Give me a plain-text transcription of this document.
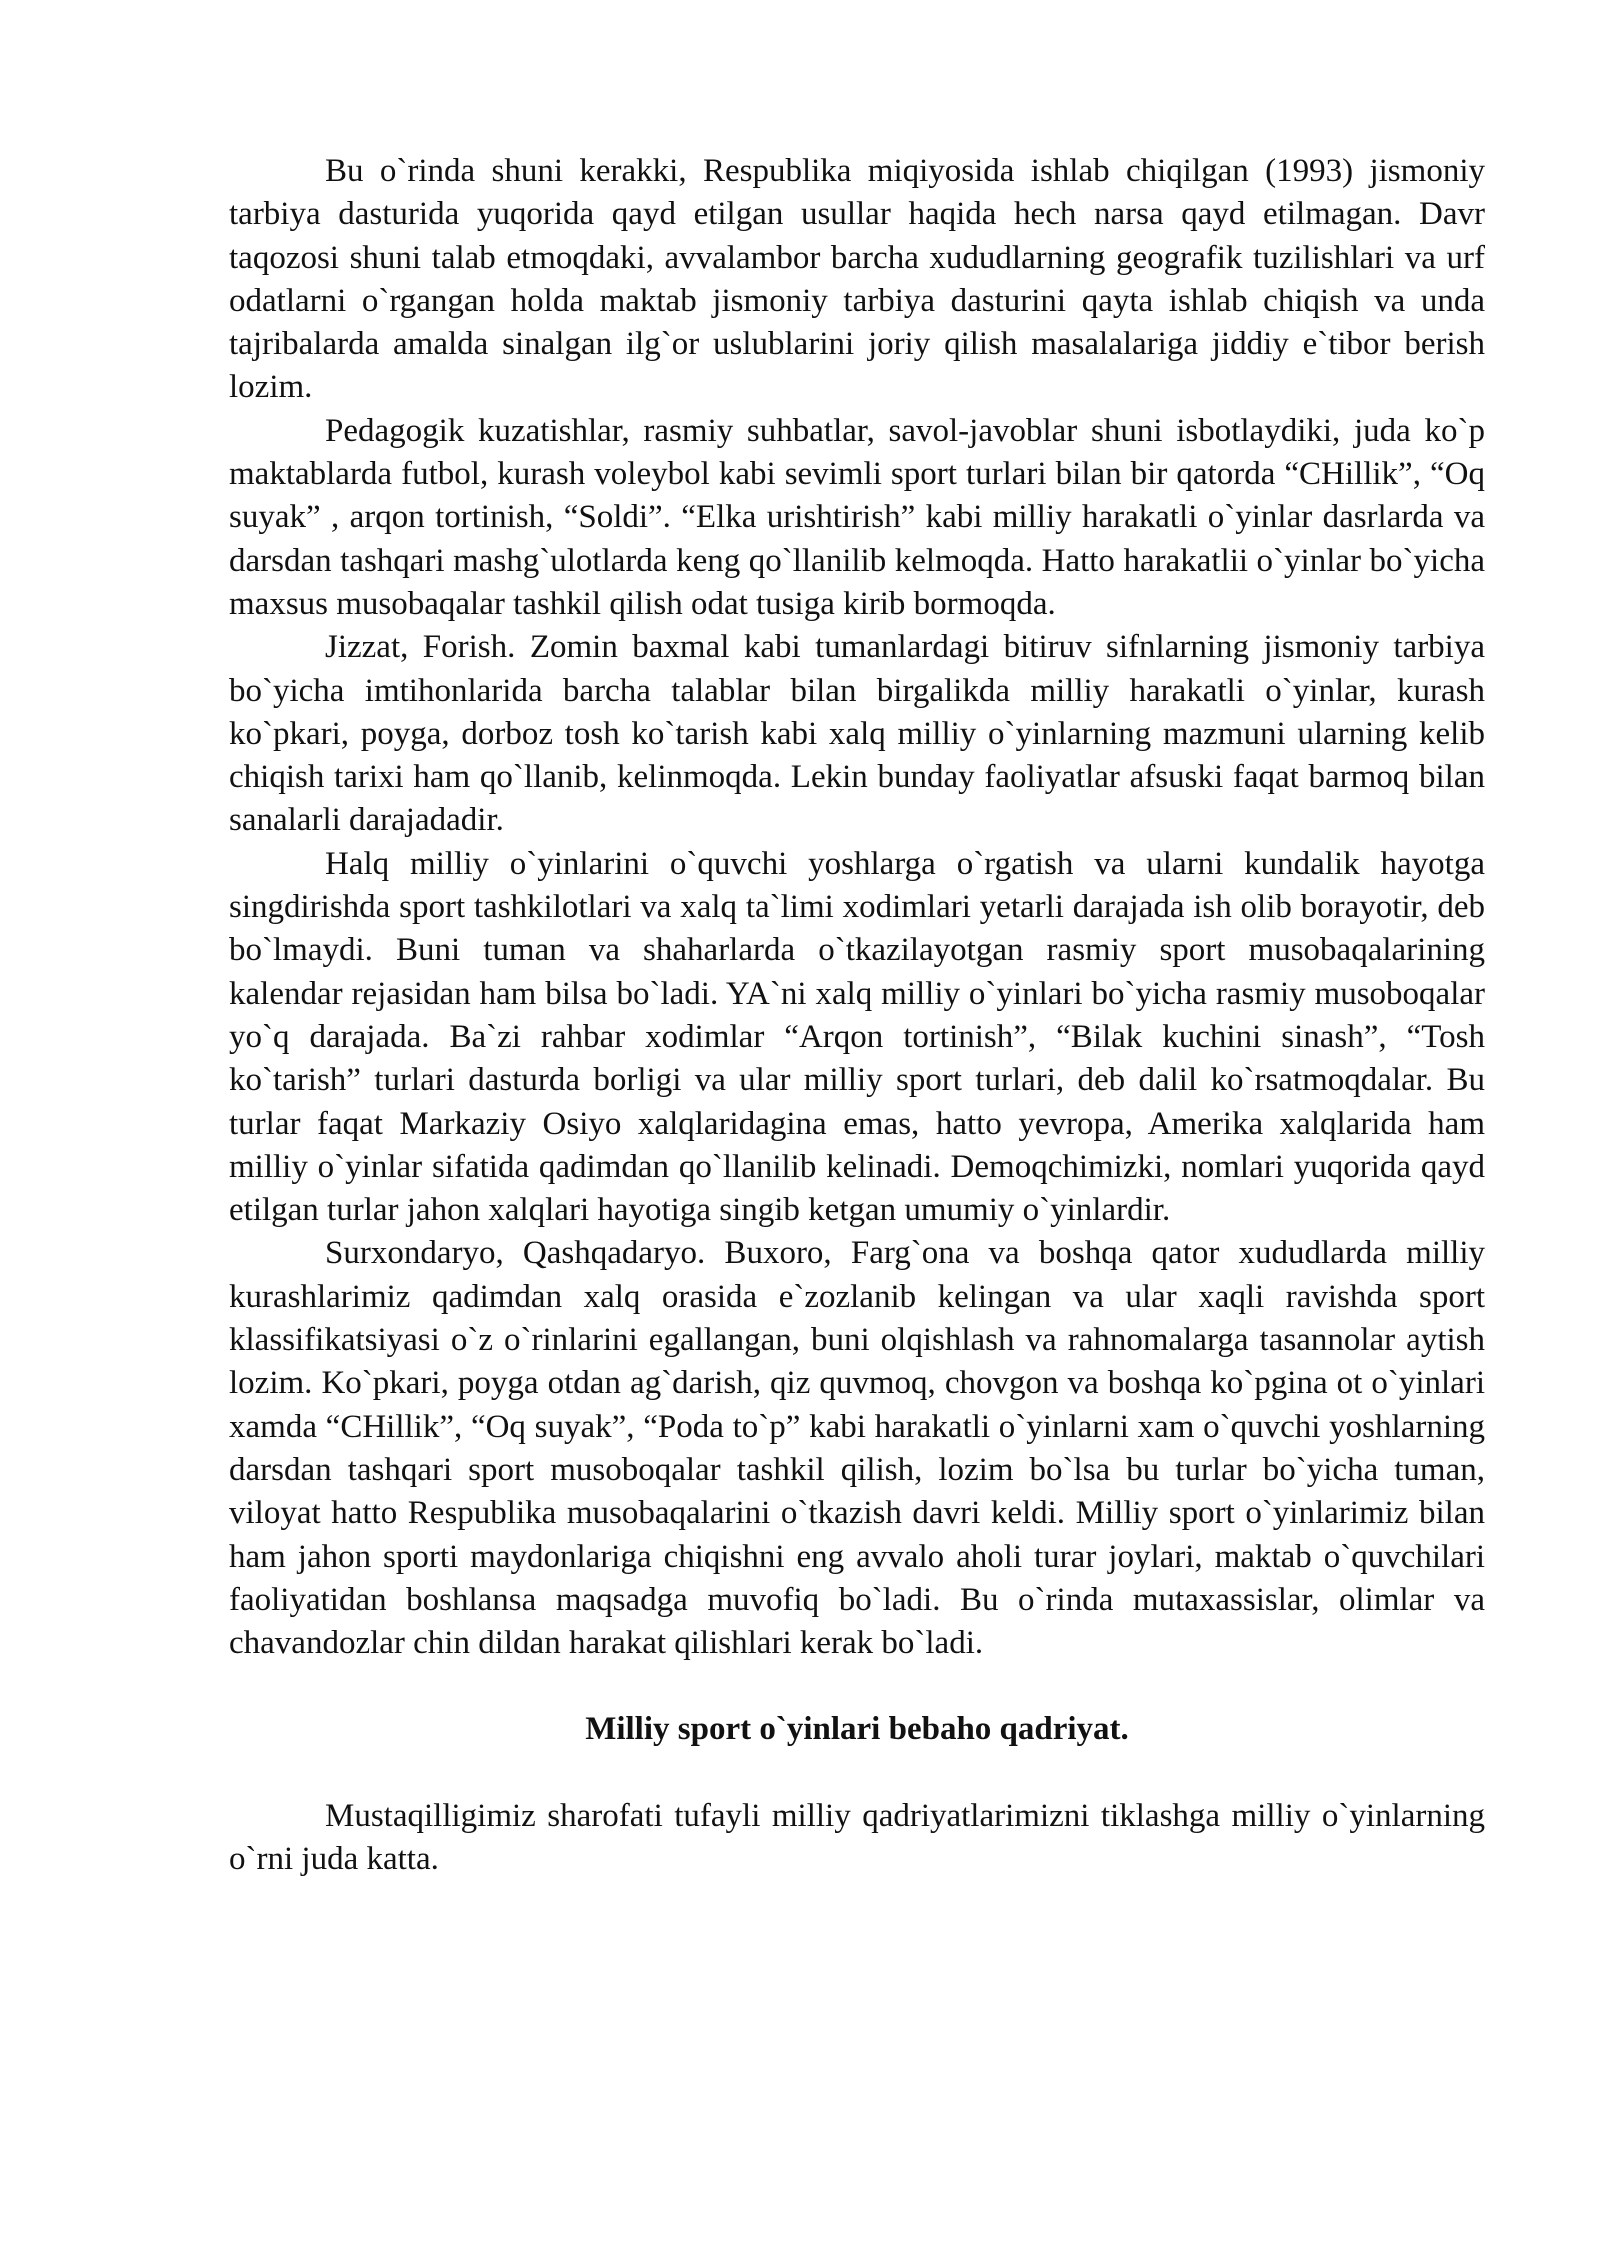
Bu o`rinda shuni kerakki, Respublika miqiyosida ishlab chiqilgan (1993) jismoniy tarbiya dasturida yuqorida qayd etilgan usullar haqida hech narsa qayd etilmagan. Davr taqozosi shuni talab etmoqdaki, avvalambor barcha xududlarning geografik tuzilishlari va urf odatlarni o`rgangan holda maktab jismoniy tarbiya dasturini qayta ishlab chiqish va unda tajribalarda amalda sinalgan ilg`or uslublarini joriy qilish masalalariga jiddiy e`tibor berish lozim.

Pedagogik kuzatishlar, rasmiy suhbatlar, savol-javoblar shuni isbotlaydiki, juda ko`p maktablarda futbol, kurash voleybol kabi sevimli sport turlari bilan bir qatorda “CHillik”, “Oq suyak” , arqon tortinish, “Soldi”. “Elka urishtirish” kabi milliy harakatli o`yinlar dasrlarda va darsdan tashqari mashg`ulotlarda keng qo`llanilib kelmoqda. Hatto harakatlii o`yinlar bo`yicha maxsus musobaqalar tashkil qilish odat tusiga kirib bormoqda.

Jizzat, Forish. Zomin baxmal kabi tumanlardagi bitiruv sifnlarning jismoniy tarbiya bo`yicha imtihonlarida barcha talablar bilan birgalikda milliy harakatli o`yinlar, kurash ko`pkari, poyga, dorboz tosh ko`tarish kabi xalq milliy o`yinlarning mazmuni ularning kelib chiqish tarixi ham qo`llanib, kelinmoqda. Lekin bunday faoliyatlar afsuski faqat barmoq bilan sanalarli darajadadir.

Halq milliy o`yinlarini o`quvchi yoshlarga o`rgatish va ularni kundalik hayotga singdirishda sport tashkilotlari va xalq ta`limi xodimlari yetarli darajada ish olib borayotir, deb bo`lmaydi. Buni tuman va shaharlarda o`tkazilayotgan rasmiy sport musobaqalarining kalendar rejasidan ham bilsa bo`ladi. YA`ni xalq milliy o`yinlari bo`yicha rasmiy musoboqalar yo`q darajada. Ba`zi rahbar xodimlar “Arqon tortinish”, “Bilak kuchini sinash”, “Tosh ko`tarish” turlari dasturda borligi va ular milliy sport turlari, deb dalil ko`rsatmoqdalar. Bu turlar faqat Markaziy Osiyo xalqlaridagina emas, hatto yevropa, Amerika xalqlarida ham milliy o`yinlar sifatida qadimdan qo`llanilib kelinadi. Demoqchimizki, nomlari yuqorida qayd etilgan turlar jahon xalqlari hayotiga singib ketgan umumiy o`yinlardir.

Surxondaryo, Qashqadaryo. Buxoro, Farg`ona va boshqa qator xududlarda milliy kurashlarimiz qadimdan xalq orasida e`zozlanib kelingan va ular xaqli ravishda sport klassifikatsiyasi o`z o`rinlarini egallangan, buni olqishlash va rahnomalarga tasannolar aytish lozim. Ko`pkari, poyga otdan ag`darish, qiz quvmoq, chovgon va boshqa ko`pgina ot o`yinlari xamda “CHillik”, “Oq suyak”, “Poda to`p” kabi harakatli o`yinlarni xam o`quvchi yoshlarning darsdan tashqari sport musoboqalar tashkil qilish, lozim bo`lsa bu turlar bo`yicha tuman, viloyat hatto Respublika musobaqalarini o`tkazish davri keldi. Milliy sport o`yinlarimiz bilan ham jahon sporti maydonlariga chiqishni eng avvalo aholi turar joylari, maktab o`quvchilari faoliyatidan boshlansa maqsadga muvofiq bo`ladi. Bu o`rinda mutaxassislar, olimlar va chavandozlar chin dildan harakat qilishlari kerak bo`ladi.

Milliy sport o`yinlari bebaho qadriyat.

Mustaqilligimiz sharofati tufayli milliy qadriyatlarimizni tiklashga milliy o`yinlarning o`rni juda katta.
